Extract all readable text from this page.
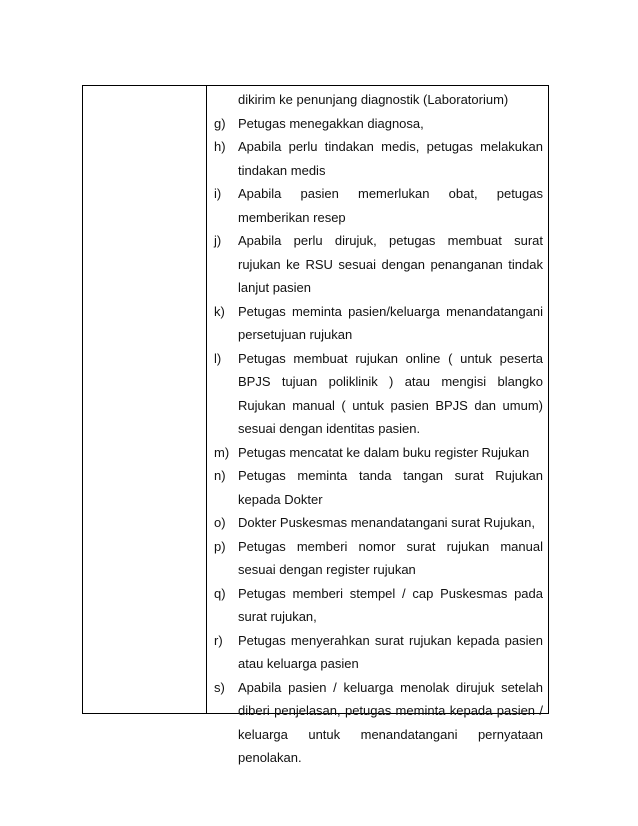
dikirim ke penunjang diagnostik (Laboratorium)
g) Petugas menegakkan diagnosa,
h) Apabila perlu tindakan medis, petugas melakukan tindakan medis
i)	Apabila pasien memerlukan obat, petugas memberikan resep
j)	Apabila perlu dirujuk, petugas membuat surat rujukan ke RSU sesuai dengan penanganan tindak lanjut pasien
k)	Petugas meminta pasien/keluarga menandatangani persetujuan rujukan
l)	Petugas membuat rujukan online ( untuk peserta BPJS tujuan poliklinik ) atau mengisi blangko Rujukan manual ( untuk pasien BPJS dan umum) sesuai dengan identitas pasien.
m) Petugas mencatat ke dalam buku register Rujukan
n) Petugas meminta tanda tangan surat Rujukan kepada Dokter
o) Dokter Puskesmas menandatangani surat Rujukan,
p) Petugas memberi nomor surat rujukan manual sesuai dengan register rujukan
q) Petugas memberi stempel / cap Puskesmas pada surat rujukan,
r)	Petugas menyerahkan surat rujukan kepada pasien atau keluarga pasien
s)	Apabila pasien / keluarga menolak dirujuk setelah diberi penjelasan, petugas meminta kepada pasien / keluarga untuk menandatangani pernyataan penolakan.
